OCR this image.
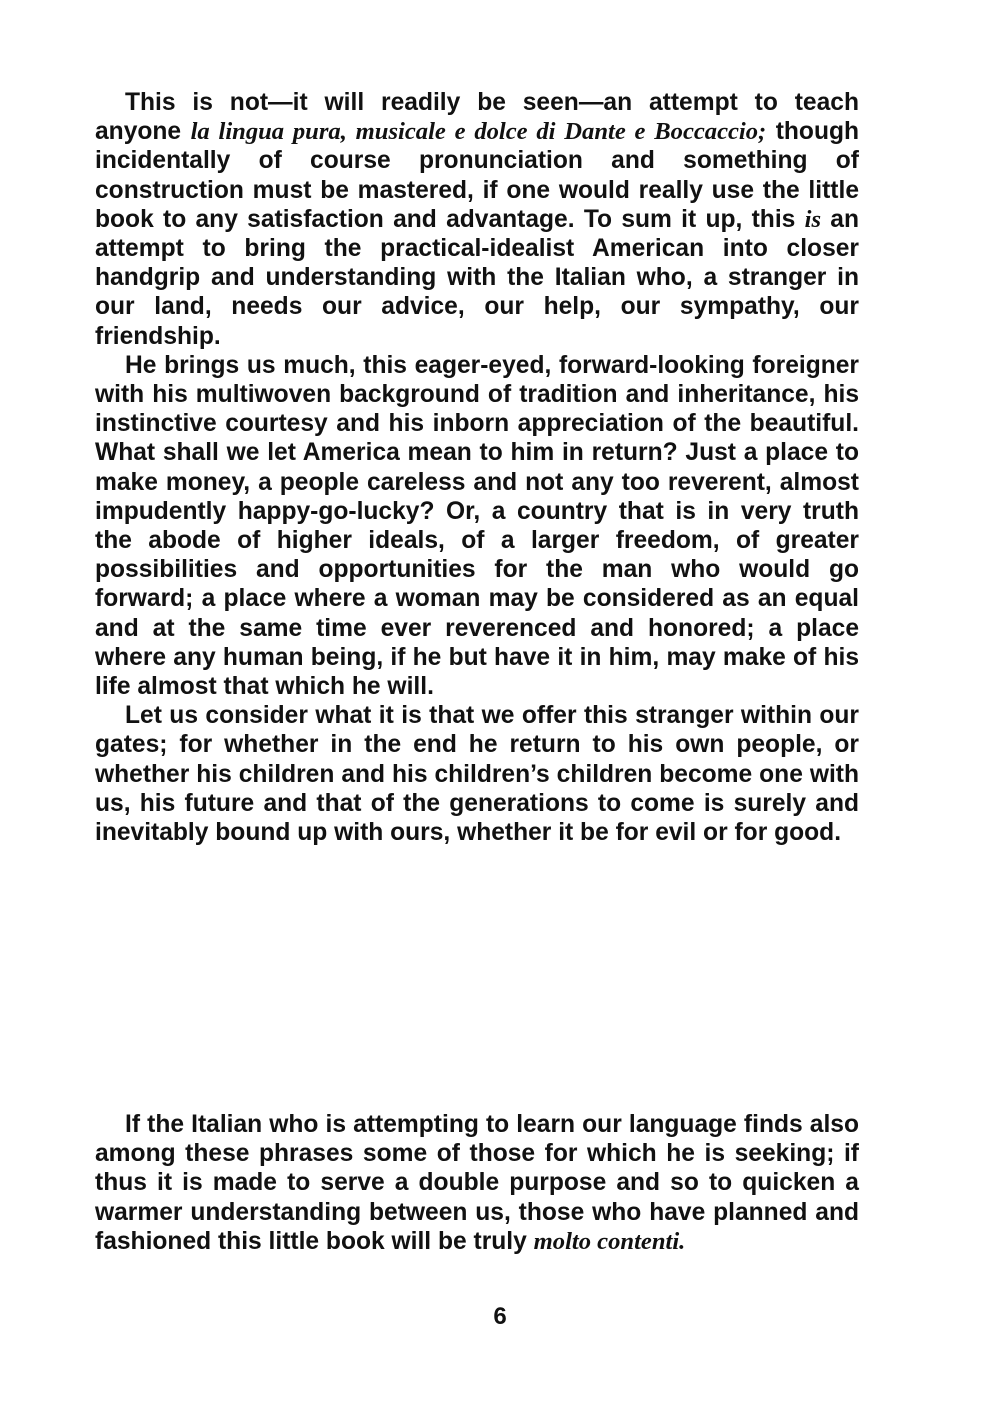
This is not—it will readily be seen—an attempt to teach anyone la lingua pura, musicale e dolce di Dante e Boccaccio; though incidentally of course pronunciation and something of construction must be mastered, if one would really use the little book to any satisfaction and advantage. To sum it up, this is an attempt to bring the practical-idealist American into closer handgrip and understanding with the Italian who, a stranger in our land, needs our advice, our help, our sympathy, our friendship.

He brings us much, this eager-eyed, forward-looking foreigner with his multiwoven background of tradition and inheritance, his instinctive courtesy and his inborn appreciation of the beautiful. What shall we let America mean to him in return? Just a place to make money, a people careless and not any too reverent, almost impudently happy-go-lucky? Or, a country that is in very truth the abode of higher ideals, of a larger freedom, of greater possibilities and opportunities for the man who would go forward; a place where a woman may be considered as an equal and at the same time ever reverenced and honored; a place where any human being, if he but have it in him, may make of his life almost that which he will.

Let us consider what it is that we offer this stranger within our gates; for whether in the end he return to his own people, or whether his children and his children’s children become one with us, his future and that of the generations to come is surely and inevitably bound up with ours, whether it be for evil or for good.

If the Italian who is attempting to learn our language finds also among these phrases some of those for which he is seeking; if thus it is made to serve a double purpose and so to quicken a warmer understanding between us, those who have planned and fashioned this little book will be truly molto contenti.

6
